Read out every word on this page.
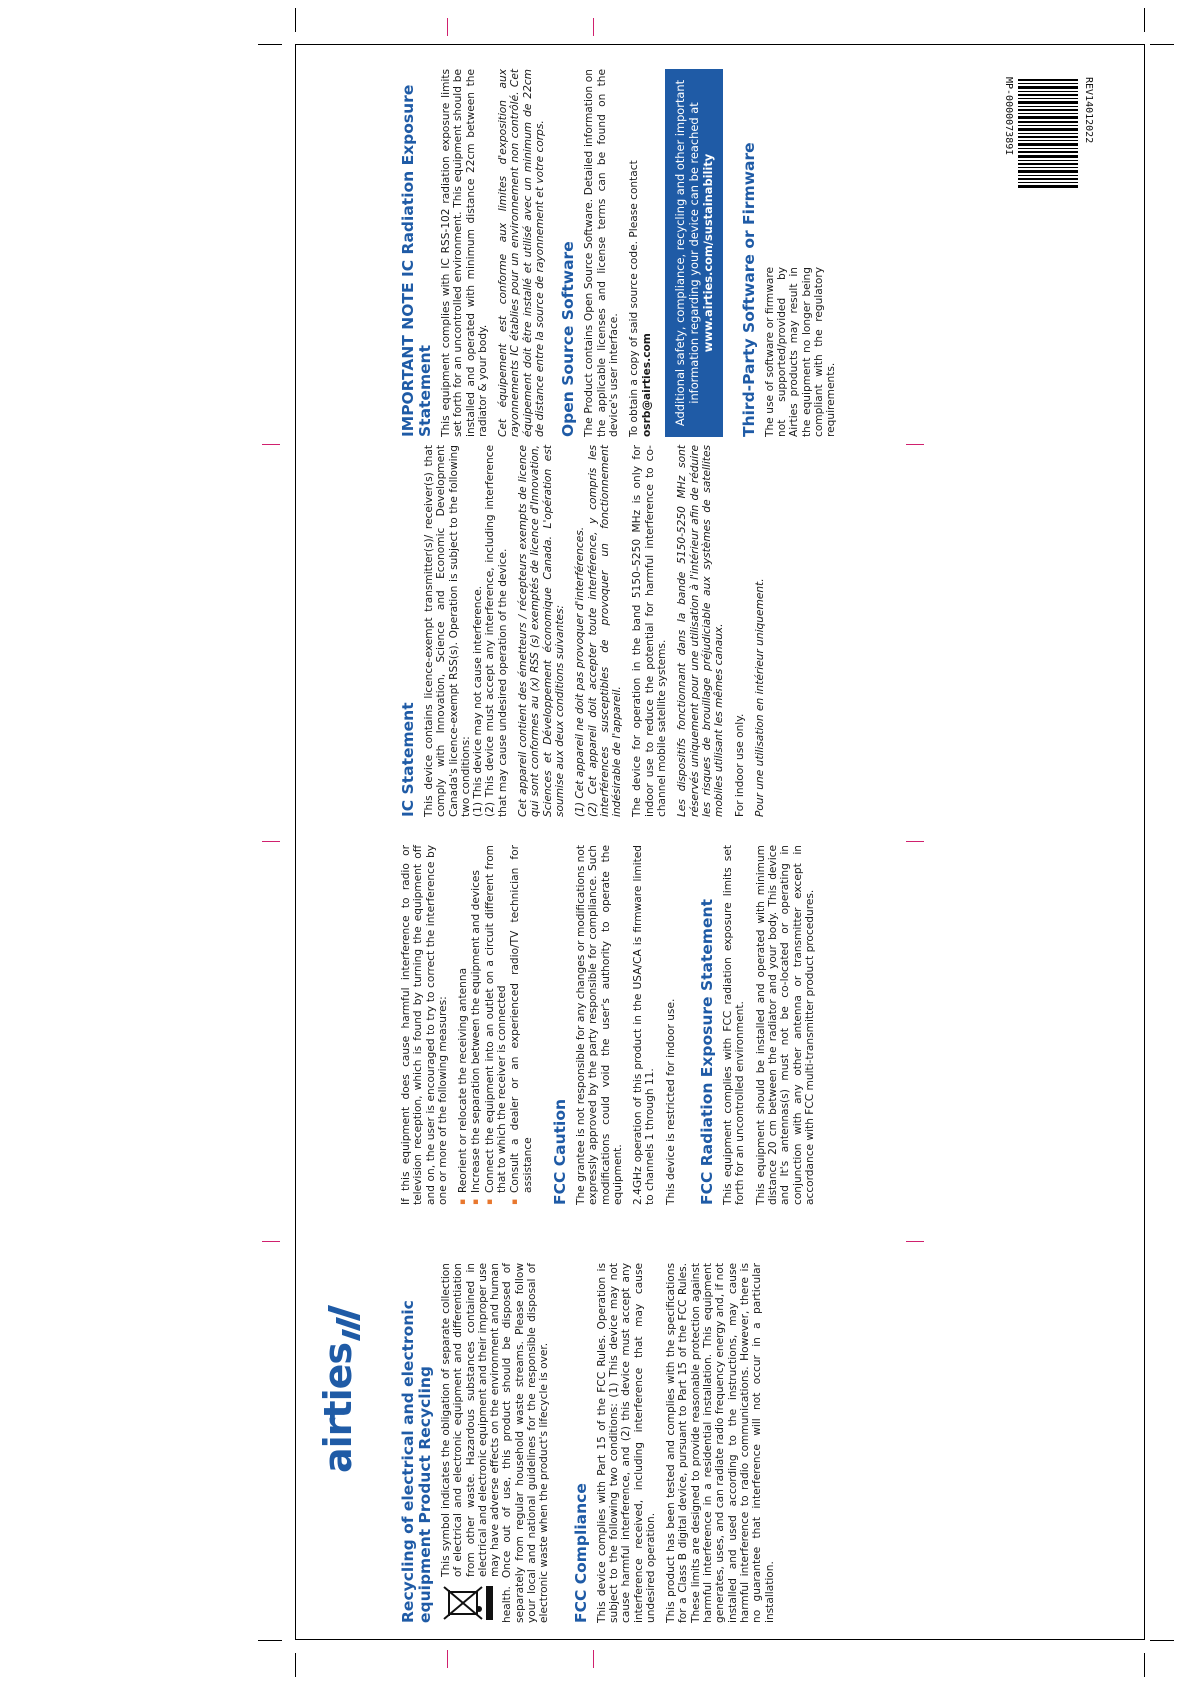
airties	Recycling of electrical and electronic equipment Product Recycling This symbol indicates the obligation of separate collection of electrical and electronic equipment and differentiation from other waste. Hazardous substances contained in electrical and electronic equipment and their improper use may have adverse effects on the environment and human health. Once out of use, this product should be disposed of separately from regular household waste streams. Please follow your local and national guidelines for the responsible disposal of electronic waste when the product's lifecycle is over. FCC Compliance This device complies with Part 15 of the FCC Rules. Operation is subject to the following two conditions: (1) This device may not cause harmful interference, and (2) this device must accept any interference received, including interference that may cause undesired operation. This product has been tested and complies with the specifications for a Class B digital device, pursuant to Part 15 of the FCC Rules. These limits are designed to provide reasonable protection against harmful interference in a residential installation. This equipment generates, uses, and can radiate radio frequency energy and, if not installed and used according to the instructions, may cause harmful interference to radio communications. However, there is no guarantee that interference will not occur in a particular installation.

If this equipment does cause harmful interference to radio or television reception, which is found by turning the equipment off and on, the user is encouraged to try to correct the interference by one or more of the following measures: ▪ Reorient or relocate the receiving antenna ▪ Increase the separation between the equipment and devices ▪ Connect the equipment into an outlet on a circuit different from that to which the receiver is connected ▪ Consult a dealer or an experienced radio/TV technician for assistance FCC Caution The grantee is not responsible for any changes or modifications not expressly approved by the party responsible for compliance. Such modifications could void the user's authority to operate the equipment. 2.4GHz operation of this product in the USA/CA is firmware limited to channels 1 through 11. This device is restricted for indoor use. FCC Radiation Exposure Statement This equipment complies with FCC radiation exposure limits set forth for an uncontrolled environment. This equipment should be installed and operated with minimum distance 20 cm between the radiator and your body. This device and It's antennas(s) must not be co-located or operating in conjunction with any other antenna or transmitter except in accordance with FCC multi-transmitter product procedures.

IC Statement This device contains licence-exempt transmitter(s)/ receiver(s) that comply with Innovation, Science and Economic Development Canada's licence-exempt RSS(s). Operation is subject to the following two conditions: (1) This device may not cause interference. (2) This device must accept any interference, including interference that may cause undesired operation of the device. Cet appareil contient des émetteurs / récepteurs exempts de licence qui sont conformes au (x) RSS (s) exemptés de licence d'Innovation, Sciences et Développement économique Canada. L'opération est soumise aux deux conditions suivantes: (1) Cet appareil ne doit pas provoquer d'interférences. (2) Cet appareil doit accepter toute interférence, y compris les interférences susceptibles de provoquer un fonctionnement indésirable de l'appareil. The device for operation in the band 5150–5250 MHz is only for indoor use to reduce the potential for harmful interference to co-channel mobile satellite systems. Les dispositifs fonctionnant dans la bande 5150-5250 MHz sont réservés uniquement pour une utilisation à l'intérieur afin de réduire les risques de brouillage préjudiciable aux systèmes de satellites mobiles utilisant les mêmes canaux. For indoor use only. Pour une utilisation en intérieur uniquement.

IMPORTANT NOTE IC Radiation Exposure Statement This equipment complies with IC RSS-102 radiation exposure limits set forth for an uncontrolled environment. This equipment should be installed and operated with minimum distance 22cm between the radiator & your body. Cet équipement est conforme aux limites d'exposition aux rayonnements IC établies pour un environnement non contrôlé. Cet équipement doit être installé et utilisé avec un minimum de 22cm de distance entre la source de rayonnement et votre corps. Open Source Software The Product contains Open Source Software. Detailed information on the applicable licenses and license terms can be found on the device's user interface. To obtain a copy of said source code. Please contact osrb@airties.com	Additional safety, compliance, recycling and other important information regarding your device can be reached at www.airties.com/sustainability	Third-Party Software or Firmware The use of software or firmware not supported/provided by Airties products may result in the equipment no longer being compliant with the regulatory requirements.

REV14012022
MP-000007389I
